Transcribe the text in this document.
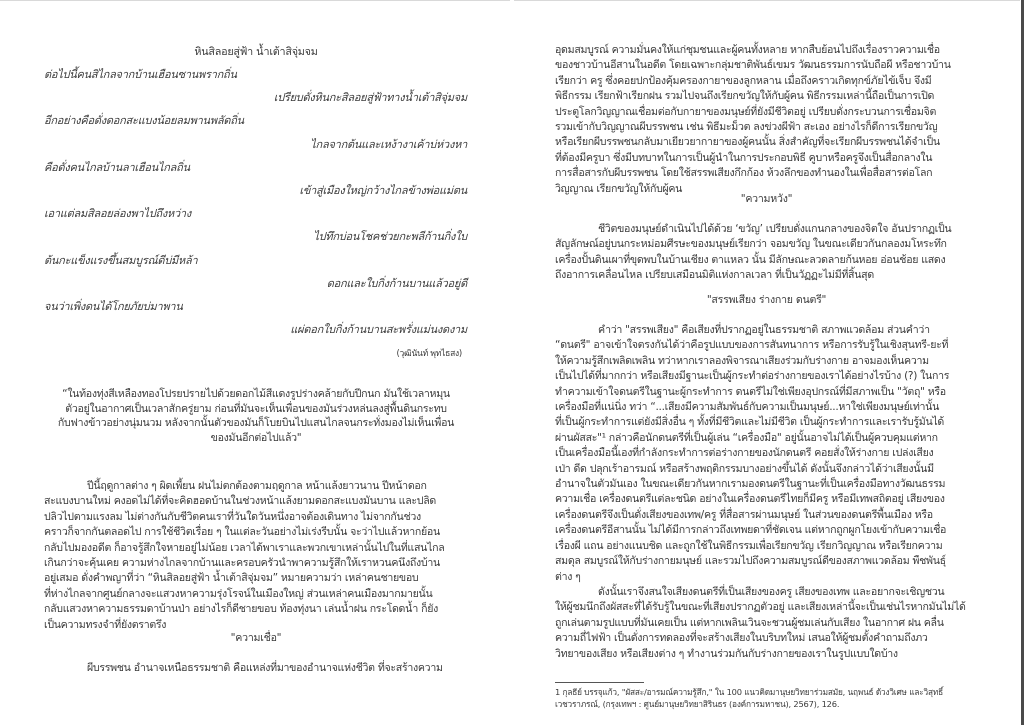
หินสิลอยสู่ฟ้า น้ำเต้าสิจุ่มจม
ต่อไปนี้คนสิไกลจากบ้านเฮือนซานพรากถิ่น
เปรียบดั่งหินกะสิลอยสู่ฟ้าทางน้ำเต้าสิจุ่มจม
อีกอย่างคือดั่งดอกสะแบงน้อยลมพานพลัดถิ่น
ไกลจากต้นและเหง้างาเค้าบ่ห่วงหา
คือดั่งคนไกลบ้านลาเฮือนไกลถิ่น
เข้าสู่เมืองใหญ่กว้างไกลข้างพ่อแม่ตน
เอาแต่ลมสิลอยล่องพาไปถึงหว่าง
ไปทึกบ่อนโชคช่วยกะพลีก้านกิ่งใบ
ต้นกะแข็งแรงขึ้นสมบูรณ์ดีบ่มีหล้า
ดอกและใบกิ่งก้านบานแล้วอยู่ดี
จนว่าเพิ่งดนได้โกยภัยบ่มาพาน
แผ่ดอกใบกิ่งก้านบานสะพรั่งแม่นงดงาม
(วุฒินันท์ พุทไธสง)
“ในท้องทุ่งสีเหลืองทองโปรยปรายไปด้วยดอกไม้สีแดงรูปร่างคล้ายกับปีกนก มันใช้เวลาหมุน
ตัวอยู่ในอากาศเป็นเวลาสักครู่ยาม ก่อนที่มันจะเห็นเพื่อนของมันร่วงหล่นลงสู่พื้นดินกระทบ
กับฟางข้าวอย่างนุ่มนวม หลังจากนั้นตัวของมันก็โบยบินไปแสนไกลจนกระทั่งมองไม่เห็นเพื่อน
ของมันอีกต่อไปแล้ว"
ปีนี้ฤดูกาลต่าง ๆ ผิดเพี้ยน ฝนไม่ตกต้องตามฤดูกาล หน้าแล้งยาวนาน ปีหน้าดอก
สะแบงบานใหม่ คงอดไม่ได้ที่จะคิดฮอดบ้านในช่วงหน้าแล้งยามดอกสะแบงมันบาน และปลิด
ปลิวไปตามแรงลม ไม่ต่างกันกับชีวิตคนเราที่วันใดวันหนึ่งอาจต้องเดินทาง ไม่จากกันช่วง
คราวก็จากกันตลอดไป การใช้ชีวิตเรื่อย ๆ ในแต่ละวันอย่างไม่เร่งรีบนั้น จะว่าไปแล้วหากย้อน
กลับไปมองอดีต ก็อาจรู้สึกใจหายอยู่ไม่น้อย เวลาได้พาเราและพวกเขาเหล่านั้นไปในที่แสนไกล
เกินกว่าจะคุ้นเคย ความห่างไกลจากบ้านและครอบครัวนำพาความรู้สึกให้เราหวนคนึงถึงบ้าน
อยู่เสมอ ดั่งคำพญาที่ว่า “หินสิลอยสู่ฟ้า น้ำเต้าสิจุ่มจม” หมายความว่า เหล่าคนชายขอบ
ที่ห่างไกลจากศูนย์กลางจะแสวงหาความรุ่งโรจน์ในเมืองใหญ่ ส่วนเหล่าคนเมืองมากมายนั้น
กลับแสวงหาความธรรมดาบ้านป่า อย่างไรก็ดีชายขอบ ท้องทุ่งนา เล่นน้ำฝน กระโดดน้ำ ก็ยัง
เป็นความทรงจำที่ยังตราตรึง
"ความเชื่อ"
ผีบรรพชน อำนาจเหนือธรรมชาติ คือแหล่งที่มาของอำนาจแห่งชีวิต ที่จะสร้างความ
อุดมสมบูรณ์ ความมั่นคงให้แก่ชุมชนและผู้คนทั้งหลาย หากสืบย้อนไปถึงเรื่องราวความเชื่อ
ของชาวบ้านอีสานในอดีต โดยเฉพาะกลุ่มชาติพันธ์เขมร วัฒนธรรมการนับถือผี หรือชาวบ้าน
เรียกว่า ครู ซึ่งคอยปกป้องคุ้มครองกายาของลูกหลาน เมื่อถึงคราวเกิดทุกข์ภัยไข้เจ็บ จึงมี
พิธีกรรม เรียกฟ้าเรียกฝน รวมไปจนถึงเรียกขวัญให้กับผู้คน พิธีกรรมเหล่านี้ถือเป็นการเปิด
ประตูโลกวิญญาณเชื่อมต่อกับกายาของมนุษย์ที่ยังมีชีวิตอยู่ เปรียบดั่งกระบวนการเชื่อมจิต
รวมเข้ากับวิญญาณผีบรรพชน เช่น พิธีมะม็วต ลงข่วงผีฟ้า สะเอง อย่างไรก็ดีการเรียกขวัญ
หรือเรียกผีบรรพชนกลับมาเยียวยากายาของผู้คนนั้น สิ่งสำคัญที่จะเรียกผีบรรพชนได้จำเป็น
ที่ต้องมีครูบา ซึ่งมีบทบาทในการเป็นผู้นำในการประกอบพิธี คูบาหรือครูจึงเป็นสื่อกลางใน
การสื่อสารกับผีบรรพชน โดยใช้สรรพเสียงกึกก้อง ห้วงลึกของทำนองในเพื่อสื่อสารต่อโลก
วิญญาณ เรียกขวัญให้กับผู้คน
"ความหวัง"
ชีวิตของมนุษย์ดำเนินไปได้ด้วย ‘ขวัญ’ เปรียบดั่งแกนกลางของจิตใจ อันปรากฏเป็น
สัญลักษณ์อยู่บนกระหม่อมศีรษะของมนุษย์เรียกว่า จอมขวัญ ในขณะเดียวกันกลองมโหระทึก
เครื่องปั้นดินเผาที่ขุดพบในบ้านเชียง ตาแหลว นั้น มีลักษณะลวดลายก้นหอย อ่อนช้อย แสดง
ถึงอาการเคลื่อนไหล เปรียบเสมือนมิติแห่งกาลเวลา ที่เป็นวัฏฏะไม่มีที่สิ้นสุด
"สรรพเสียง ร่างกาย ดนตรี"
คำว่า "สรรพเสียง" คือเสียงที่ปรากฏอยู่ในธรรมชาติ สภาพแวดล้อม ส่วนคำว่า
“ดนตรี" อาจเข้าใจตรงกันได้ว่าคือรูปแบบของการสันทนาการ หรือการรับรู้ในเชิงสุนทรี-ยะที่
ให้ความรู้สึกเพลิดเพลิน ทว่าหากเราลองพิจารณาเสียงร่วมกับร่างกาย อาจมองเห็นความ
เป็นไปได้ที่มากกว่า หรือเสียงมีฐานะเป็นผู้กระทำต่อร่างกายของเราได้อย่างไรบ้าง (?) ในการ
ทำความเข้าใจดนตรีในฐานะผู้กระทำการ ดนตรีไม่ใช่เพียงอุปกรณ์ที่มีสภาพเป็น "วัตถุ" หรือ
เครื่องมือที่แน่นิ่ง ทว่า “...เสียงมีความสัมพันธ์กับความเป็นมนุษย์...หาใช่เพียงมนุษย์เท่านั้น
ที่เป็นผู้กระทำการแต่ยังมีสิ่งอื่น ๆ ทั้งที่มีชีวิตและไม่มีชีวิต เป็นผู้กระทำการและเรารับรู้มันได้
ผ่านผัสสะ"¹ กล่าวคือนักดนตรีที่เป็นผู้เล่น “เครื่องมือ" อยู่นั้นอาจไม่ได้เป็นผู้ควบคุมแต่หาก
เป็นเครื่องมือนี้เองที่กำลังกระทำการต่อร่างกายของนักดนตรี คอยสั่งให้ร่างกาย เปล่งเสียง
เป่า ดีด ปลุกเร้าอารมณ์ หรือสร้างพฤติกรรมบางอย่างขึ้นได้ ดังนั้นจึงกล่าวได้ว่าเสียงนั้นมี
อำนาจในตัวมันเอง ในขณะเดียวกันหากเรามองดนตรีในฐานะที่เป็นเครื่องมือทางวัฒนธรรม
ความเชื่อ เครื่องดนตรีแต่ละชนิด อย่างในเครื่องดนตรีไทยก็มีครู หรือมีเทพสถิตอยู่ เสียงของ
เครื่องดนตรีจึงเป็นดั่งเสียงของเทพ/ครู ที่สื่อสารผ่านมนุษย์ ในส่วนของดนตรีพื้นเมือง หรือ
เครื่องดนตรีอีสานนั้น ไม่ได้มีการกล่าวถึงเทพยดาที่ชัดเจน แต่หากถูกผูกโยงเข้ากับความเชื่อ
เรื่องผี แถน อย่างแนบชิด และถูกใช้ในพิธีกรรมเพื่อเรียกขวัญ เรียกวิญญาณ หรือเรียกความ
สมดุล สมบูรณ์ให้กับร่างกายมนุษย์ และรวมไปถึงความสมบูรณ์ดีของสภาพแวดล้อม พืชพันธุ์
ต่าง ๆ
ดังนั้นเราจึงสนใจเสียงดนตรีที่เป็นเสียงของครู เสียงของเทพ และอยากจะเชิญชวน
ให้ผู้ชมนึกถึงผัสสะที่ได้รับรู้ในขณะที่เสียงปรากฏตัวอยู่ และเสียงเหล่านี้จะเป็นเช่นไรหากมันไม่ได้
ถูกเล่นตามรูปแบบที่มันเคยเป็น แต่หากเพลินเวินจะชวนผู้ชมเล่นกับเสียง ในอากาศ ฝน คลื่น
ความถี่ไฟฟ้า เป็นดั่งการทดลองที่จะสร้างเสียงในบริบทใหม่ เสนอให้ผู้ชมตั้งคำถามถึงภว
วิทยาของเสียง หรือเสียงต่าง ๆ ทำงานร่วมกันกับร่างกายของเราในรูปแบบใดบ้าง
1 กุลธีย์ บรรจุแก้ว, "ผัสสะ/อารมณ์ความรู้สึก," ใน 100 แนวคิดมานุษยวิทยาร่วมสมัย, นฤพนธ์ ด้วงวิเศษ และวิสุทธิ์
เวชวราภรณ์, (กรุงเทพฯ : ศูนย์มานุษยวิทยาสิรินธร (องค์การมหาชน), 2567), 126.
